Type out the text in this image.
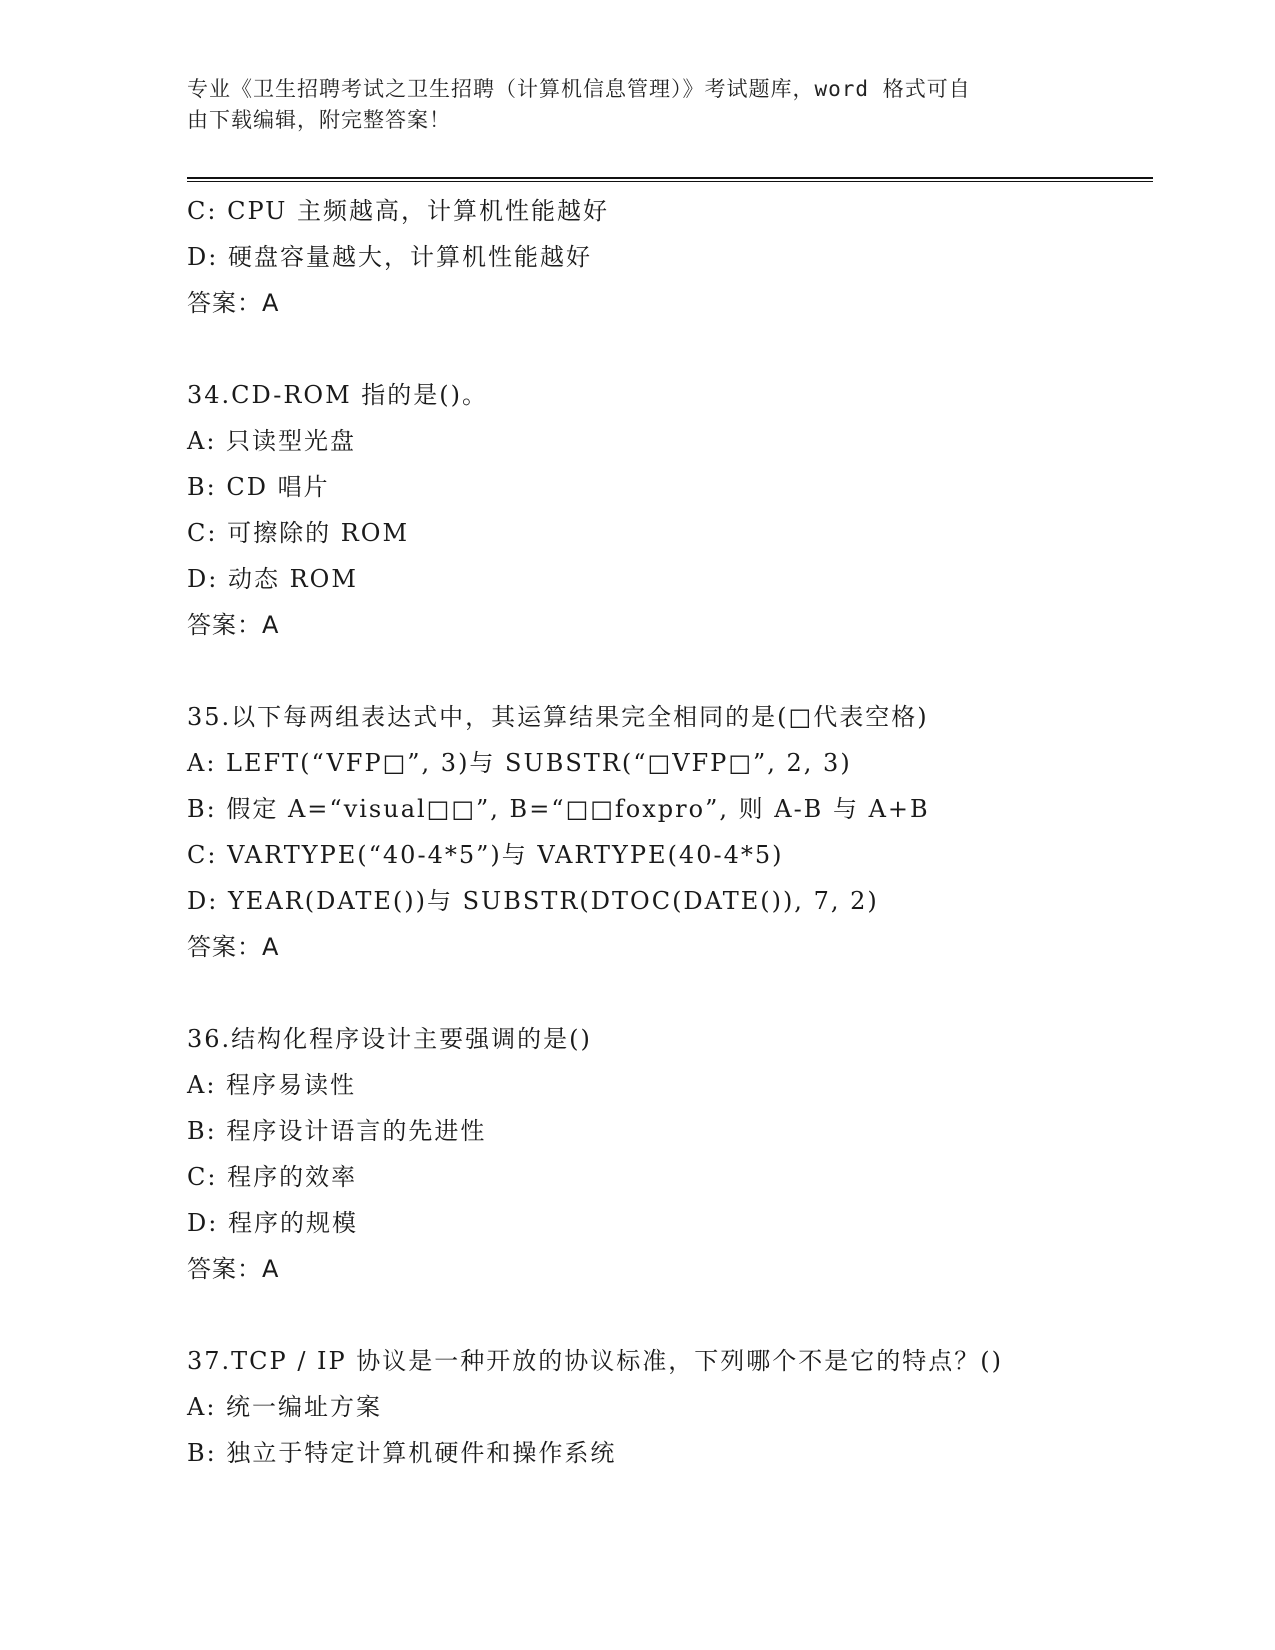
专业《卫生招聘考试之卫生招聘（计算机信息管理）》考试题库，word 格式可自
由下载编辑，附完整答案！
C: CPU 主频越高，计算机性能越好
D: 硬盘容量越大，计算机性能越好
答案：A
34.CD-ROM 指的是()。
A: 只读型光盘
B: CD 唱片
C: 可擦除的 ROM
D: 动态 ROM
答案：A
35.以下每两组表达式中，其运算结果完全相同的是(□代表空格)
A: LEFT(“VFP□”, 3)与 SUBSTR(“□VFP□”, 2, 3)
B: 假定 A=“visual□□”, B=“□□foxpro”, 则 A-B 与 A+B
C: VARTYPE(“40-4*5”)与 VARTYPE(40-4*5)
D: YEAR(DATE())与 SUBSTR(DTOC(DATE()), 7, 2)
答案：A
36.结构化程序设计主要强调的是()
A: 程序易读性
B: 程序设计语言的先进性
C: 程序的效率
D: 程序的规模
答案：A
37.TCP / IP 协议是一种开放的协议标准，下列哪个不是它的特点？()
A: 统一编址方案
B: 独立于特定计算机硬件和操作系统
